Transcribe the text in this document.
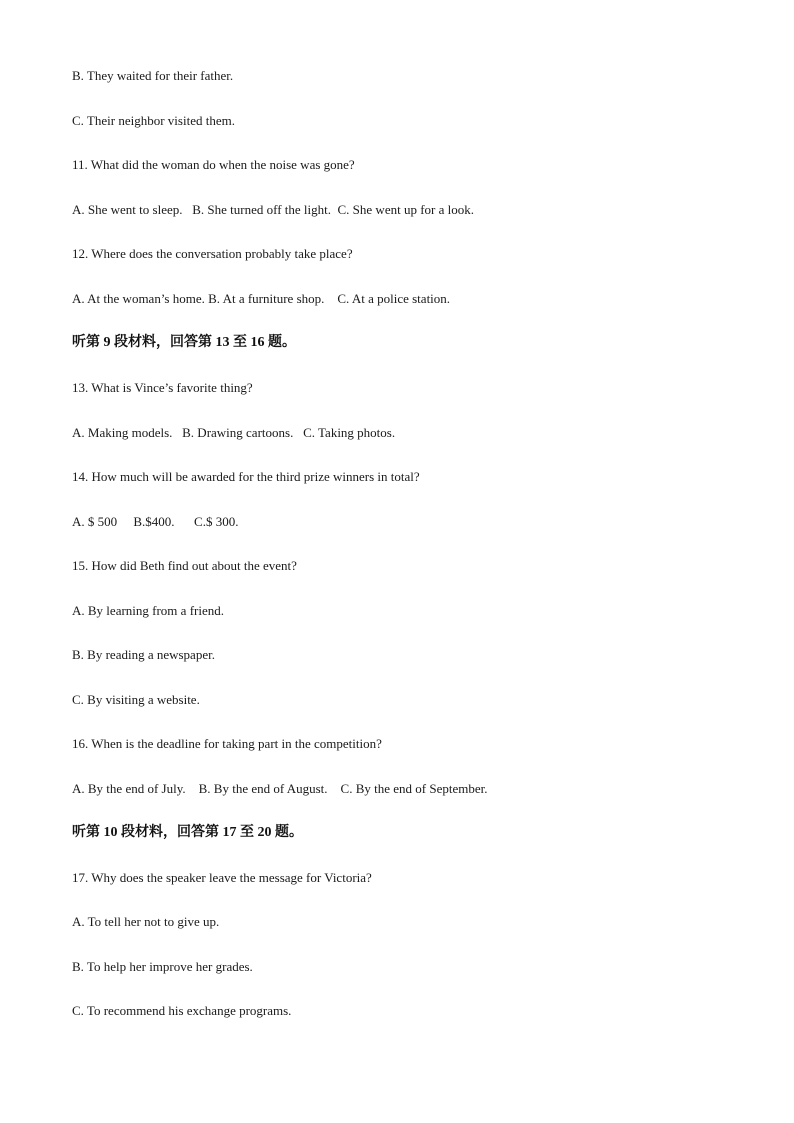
B. They waited for their father.

C. Their neighbor visited them.

11. What did the woman do when the noise was gone?

A. She went to sleep.   B. She turned off the light.  C. She went up for a look.

12. Where does the conversation probably take place?

A. At the woman’s home. B. At a furniture shop.    C. At a police station.

听第 9 段材料，回答第 13 至 16 题。

13. What is Vince’s favorite thing?

A. Making models.   B. Drawing cartoons.   C. Taking photos.

14. How much will be awarded for the third prize winners in total?

A. $ 500     B.$400.      C.$ 300.

15. How did Beth find out about the event?

A. By learning from a friend.

B. By reading a newspaper.

C. By visiting a website.

16. When is the deadline for taking part in the competition?

A. By the end of July.    B. By the end of August.    C. By the end of September.

听第 10 段材料，回答第 17 至 20 题。

17. Why does the speaker leave the message for Victoria?

A. To tell her not to give up.

B. To help her improve her grades.

C. To recommend his exchange programs.
